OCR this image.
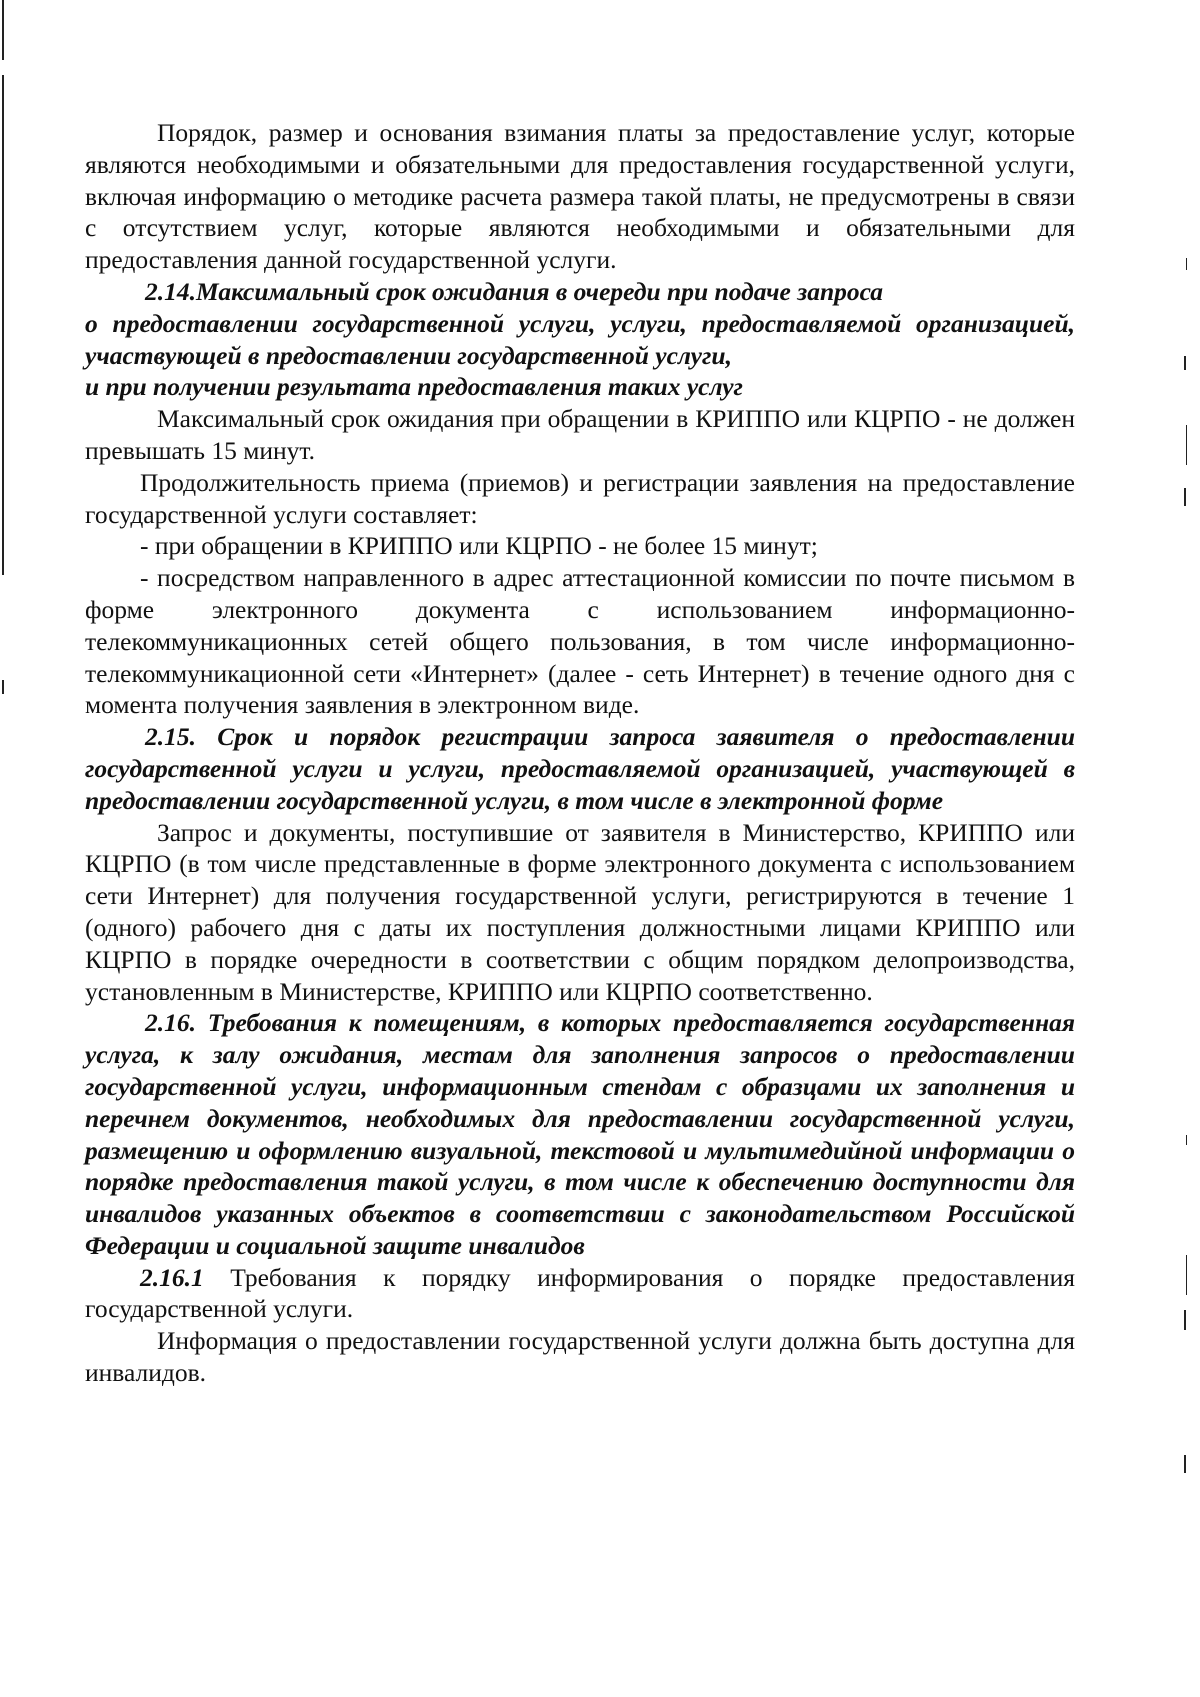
Порядок, размер и основания взимания платы за предоставление услуг, которые являются необходимыми и обязательными для предоставления государственной услуги, включая информацию о методике расчета размера такой платы, не предусмотрены в связи с отсутствием услуг, которые являются необходимыми и обязательными для предоставления данной государственной услуги.

2.14.Максимальный срок ожидания в очереди при подаче запроса
о предоставлении государственной услуги, услуги, предоставляемой организацией, участвующей в предоставлении государственной услуги,
и при получении результата предоставления таких услуг

Максимальный срок ожидания при обращении в КРИППО или КЦРПО - не должен превышать 15 минут.

Продолжительность приема (приемов) и регистрации заявления на предоставление государственной услуги составляет:

- при обращении в КРИППО или КЦРПО - не более 15 минут;

- посредством направленного в адрес аттестационной комиссии по почте письмом в форме электронного документа с использованием информационно-телекоммуникационных сетей общего пользования, в том числе информационно-телекоммуникационной сети «Интернет» (далее - сеть Интернет) в течение одного дня с момента получения заявления в электронном виде.

2.15. Срок и порядок регистрации запроса заявителя о предоставлении государственной услуги и услуги, предоставляемой организацией, участвующей в предоставлении государственной услуги, в том числе в электронной форме

Запрос и документы, поступившие от заявителя в Министерство, КРИППО или КЦРПО (в том числе представленные в форме электронного документа с использованием сети Интернет) для получения государственной услуги, регистрируются в течение 1 (одного) рабочего дня с даты их поступления должностными лицами КРИППО или КЦРПО в порядке очередности в соответствии с общим порядком делопроизводства, установленным в Министерстве, КРИППО или КЦРПО соответственно.

2.16. Требования к помещениям, в которых предоставляется государственная услуга, к залу ожидания, местам для заполнения запросов о предоставлении государственной услуги, информационным стендам с образцами их заполнения и перечнем документов, необходимых для предоставлении государственной услуги, размещению и оформлению визуальной, текстовой и мультимедийной информации о порядке предоставления такой услуги, в том числе к обеспечению доступности для инвалидов указанных объектов в соответствии с законодательством Российской Федерации и социальной защите инвалидов

2.16.1 Требования к порядку информирования о порядке предоставления государственной услуги.

Информация о предоставлении государственной услуги должна быть доступна для инвалидов.
